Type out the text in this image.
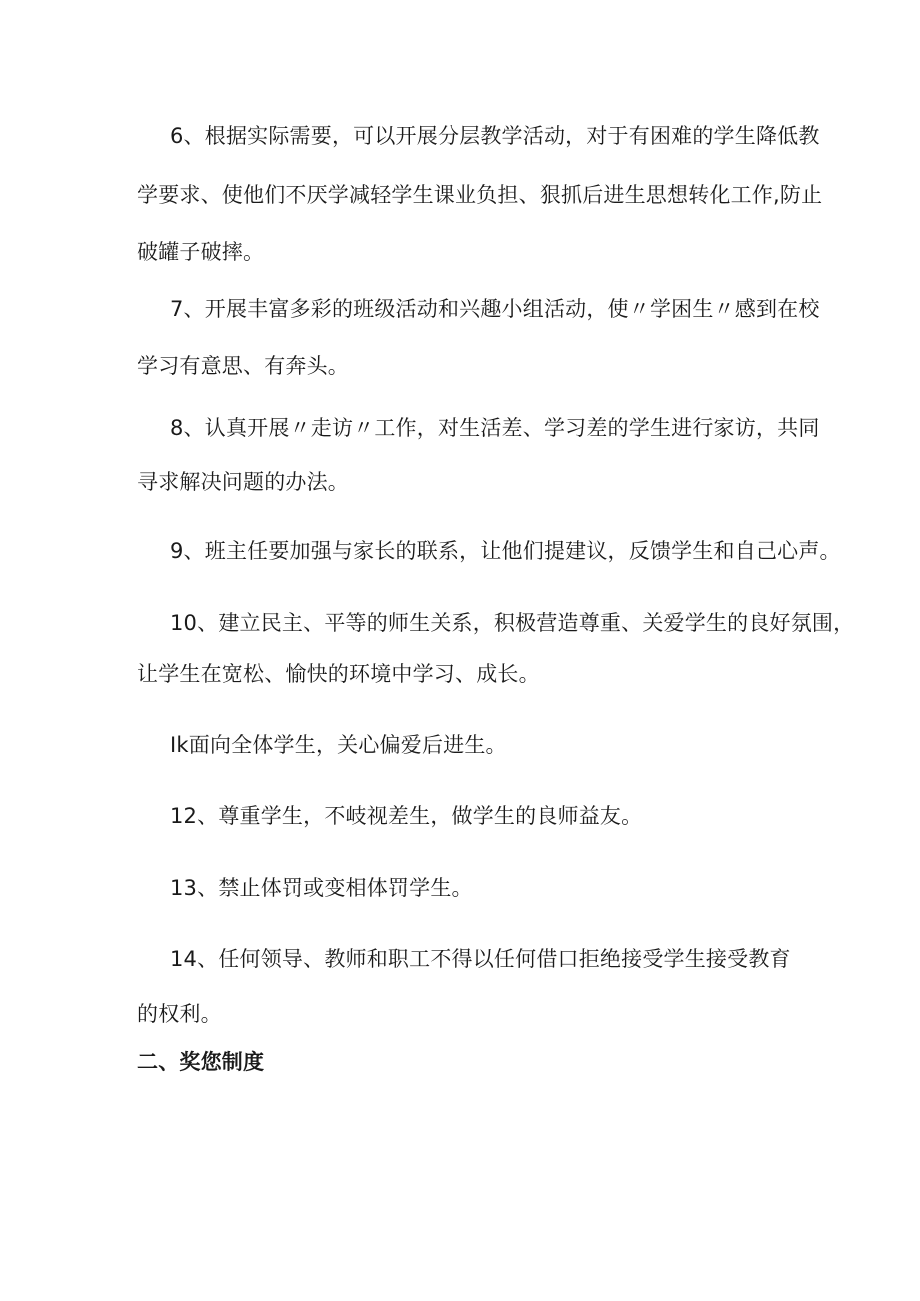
6、根据实际需要，可以开展分层教学活动，对于有困难的学生降低教
学要求、使他们不厌学减轻学生课业负担、狠抓后进生思想转化工作,防止
破罐子破摔。
7、开展丰富多彩的班级活动和兴趣小组活动，使〃学困生〃感到在校
学习有意思、有奔头。
8、认真开展〃走访〃工作，对生活差、学习差的学生进行家访，共同
寻求解决问题的办法。
9、班主任要加强与家长的联系，让他们提建议，反馈学生和自己心声。
10、建立民主、平等的师生关系，积极营造尊重、关爱学生的良好氛围，
让学生在宽松、愉快的环境中学习、成长。
Ik面向全体学生，关心偏爱后进生。
12、尊重学生，不岐视差生，做学生的良师益友。
13、禁止体罚或变相体罚学生。
14、任何领导、教师和职工不得以任何借口拒绝接受学生接受教育
的权利。
二、奖您制度
